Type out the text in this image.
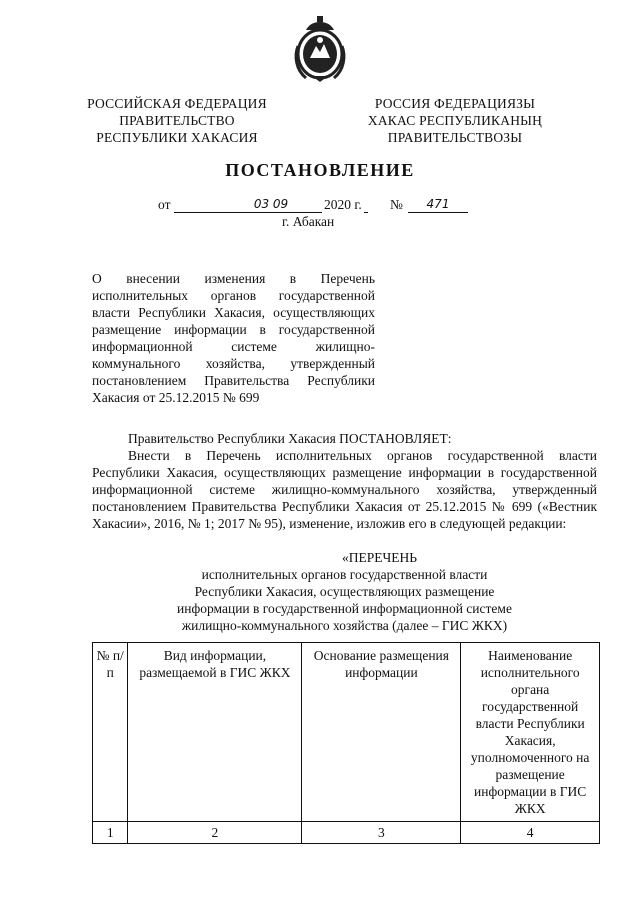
РОССИЙСКАЯ ФЕДЕРАЦИЯ
ПРАВИТЕЛЬСТВО
РЕСПУБЛИКИ ХАКАСИЯ
РОССИЯ ФЕДЕРАЦИЯЗЫ
ХАКАС РЕСПУБЛИКАНЫҢ
ПРАВИТЕЛЬСТВОЗЫ
ПОСТАНОВЛЕНИЕ
от	03 09	2020 г. №	471
г. Абакан
О внесении изменения в Перечень исполнительных органов государственной власти Республики Хакасия, осуществляющих размещение информации в государственной информационной системе жилищно-коммунального хозяйства, утвержденный постановлением Правительства Республики Хакасия от 25.12.2015 № 699

Правительство Республики Хакасия ПОСТАНОВЛЯЕТ:

Внести в Перечень исполнительных органов государственной власти Республики Хакасия, осуществляющих размещение информации в государственной информационной системе жилищно-коммунального хозяйства, утвержденный постановлением Правительства Республики Хакасия от 25.12.2015 № 699 («Вестник Хакасии», 2016, № 1; 2017 № 95), изменение, изложив его в следующей редакции:

«ПЕРЕЧЕНЬ
исполнительных органов государственной власти
Республики Хакасия, осуществляющих размещение
информации в государственной информационной системе
жилищно-коммунального хозяйства (далее – ГИС ЖКХ)
№ п/п	Вид информации, размещаемой в ГИС ЖКХ	Основание размещения информации	Наименование исполнительного органа государственной власти Республики Хакасия, уполномоченного на размещение информации в ГИС ЖКХ
1	2	3	4
